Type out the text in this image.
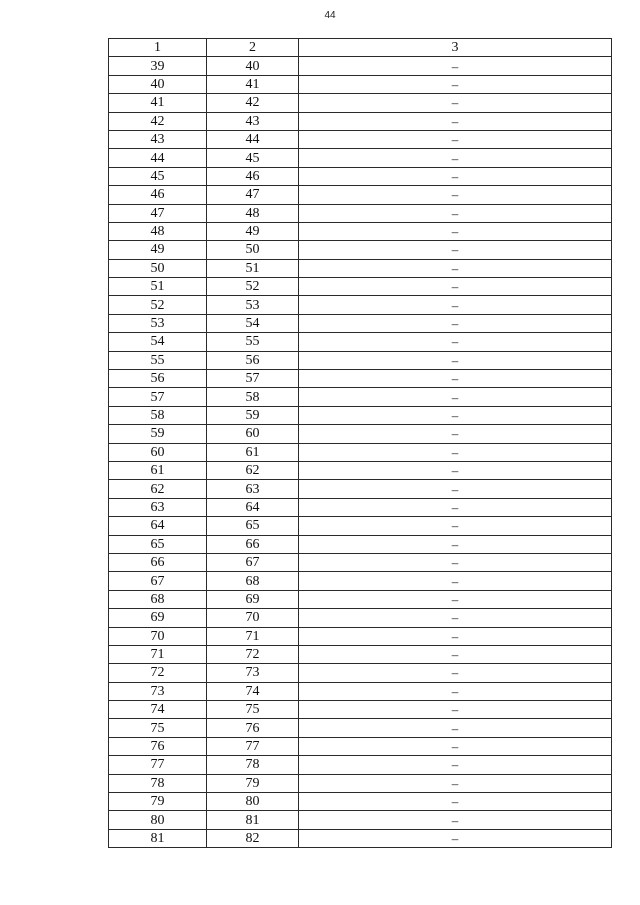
44
1	2	3
39	40	–
40	41	–
41	42	–
42	43	–
43	44	–
44	45	–
45	46	–
46	47	–
47	48	–
48	49	–
49	50	–
50	51	–
51	52	–
52	53	–
53	54	–
54	55	–
55	56	–
56	57	–
57	58	–
58	59	–
59	60	–
60	61	–
61	62	–
62	63	–
63	64	–
64	65	–
65	66	–
66	67	–
67	68	–
68	69	–
69	70	–
70	71	–
71	72	–
72	73	–
73	74	–
74	75	–
75	76	–
76	77	–
77	78	–
78	79	–
79	80	–
80	81	–
81	82	–
